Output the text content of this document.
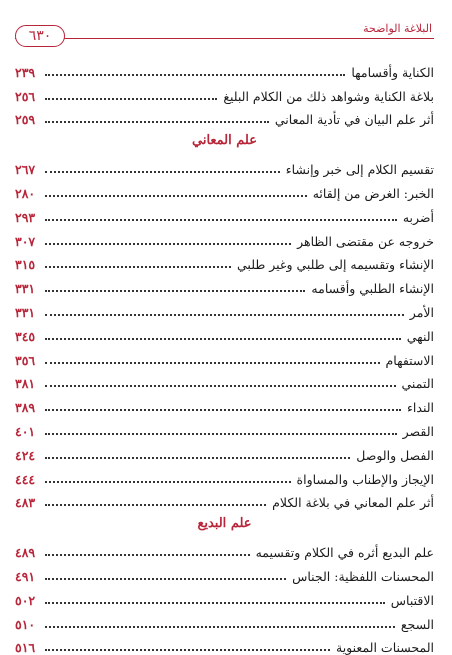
٦٣٠	البلاغة الواضحة
الكناية وأقسامها
٢٣٩
بلاغة الكناية وشواهد ذلك من الكلام البليغ
٢٥٦
أثر علم البيان في تأدية المعاني
٢٥٩
علم المعاني
تقسيم الكلام إلى خبر وإنشاء
٢٦٧
الخبر: الغرض من إلقائه
٢٨٠
أضربه
٢٩٣
خروجه عن مقتضى الظاهر
٣٠٧
الإنشاء وتقسيمه إلى طلبي وغير طلبي
٣١٥
الإنشاء الطلبي وأقسامه
٣٣١
الأمر
٣٣١
النهي
٣٤٥
الاستفهام
٣٥٦
التمني
٣٨١
النداء
٣٨٩
القصر
٤٠١
الفصل والوصل
٤٢٤
الإيجاز والإطناب والمساواة
٤٤٤
أثر علم المعاني في بلاغة الكلام
٤٨٣
علم البديع
علم البديع أثره في الكلام وتقسيمه
٤٨٩
المحسنات اللفظية: الجناس
٤٩١
الاقتباس
٥٠٢
السجع
٥١٠
المحسنات المعنوية
٥١٦
